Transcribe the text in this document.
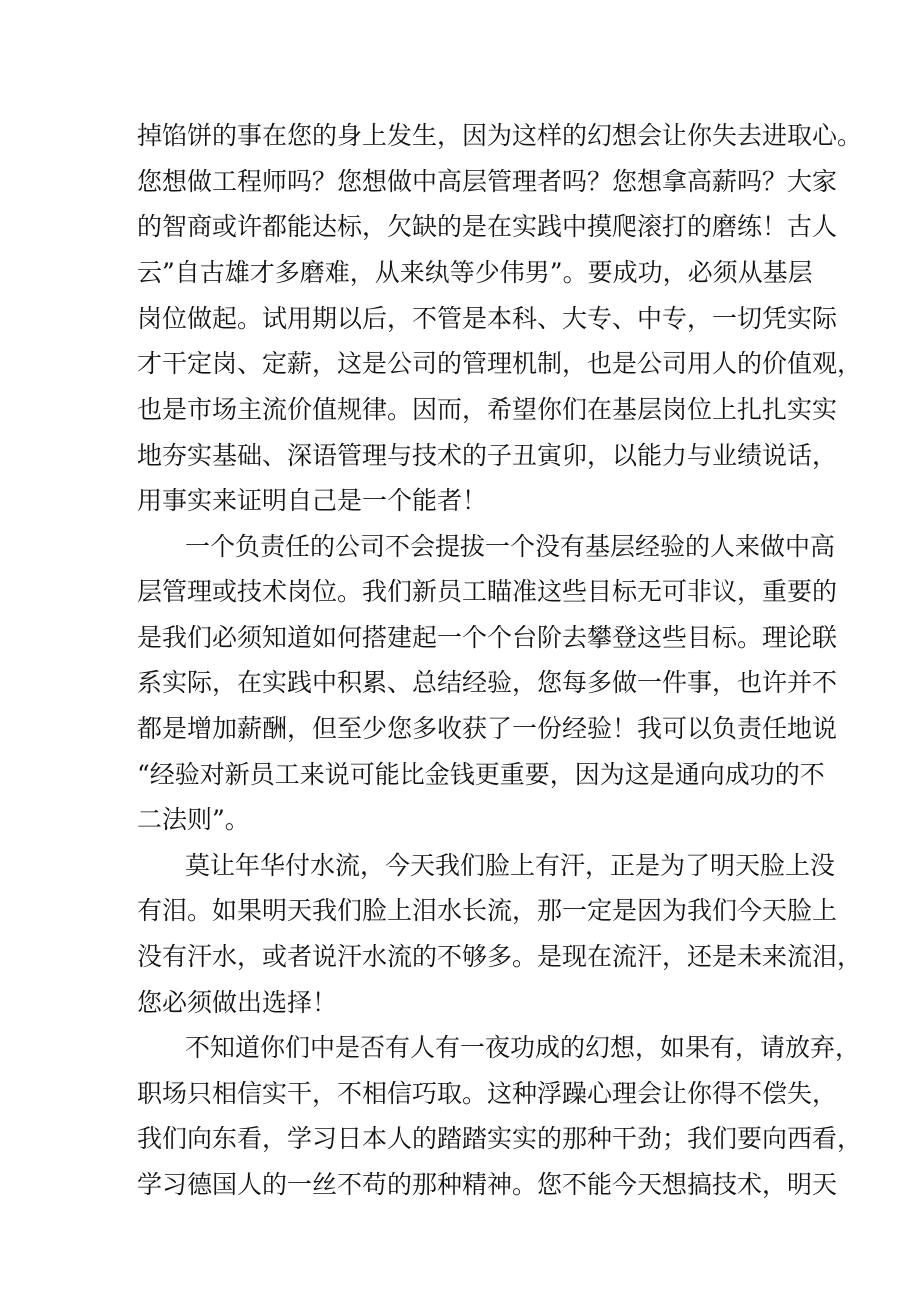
掉馅饼的事在您的身上发生，因为这样的幻想会让你失去进取心。
您想做工程师吗？您想做中高层管理者吗？您想拿高薪吗？大家
的智商或许都能达标，欠缺的是在实践中摸爬滚打的磨练！古人
云”自古雄才多磨难，从来纨等少伟男”。要成功，必须从基层
岗位做起。试用期以后，不管是本科、大专、中专，一切凭实际
才干定岗、定薪，这是公司的管理机制，也是公司用人的价值观，
也是市场主流价值规律。因而，希望你们在基层岗位上扎扎实实
地夯实基础、深语管理与技术的子丑寅卯，以能力与业绩说话，
用事实来证明自己是一个能者！
一个负责任的公司不会提拔一个没有基层经验的人来做中高
层管理或技术岗位。我们新员工瞄准这些目标无可非议，重要的
是我们必须知道如何搭建起一个个台阶去攀登这些目标。理论联
系实际，在实践中积累、总结经验，您每多做一件事，也许并不
都是增加薪酬，但至少您多收获了一份经验！我可以负责任地说
“经验对新员工来说可能比金钱更重要，因为这是通向成功的不
二法则”。
莫让年华付水流，今天我们脸上有汗，正是为了明天脸上没
有泪。如果明天我们脸上泪水长流，那一定是因为我们今天脸上
没有汗水，或者说汗水流的不够多。是现在流汗，还是未来流泪，
您必须做出选择！
不知道你们中是否有人有一夜功成的幻想，如果有，请放弃，
职场只相信实干，不相信巧取。这种浮躁心理会让你得不偿失，
我们向东看，学习日本人的踏踏实实的那种干劲；我们要向西看，
学习德国人的一丝不苟的那种精神。您不能今天想搞技术，明天
